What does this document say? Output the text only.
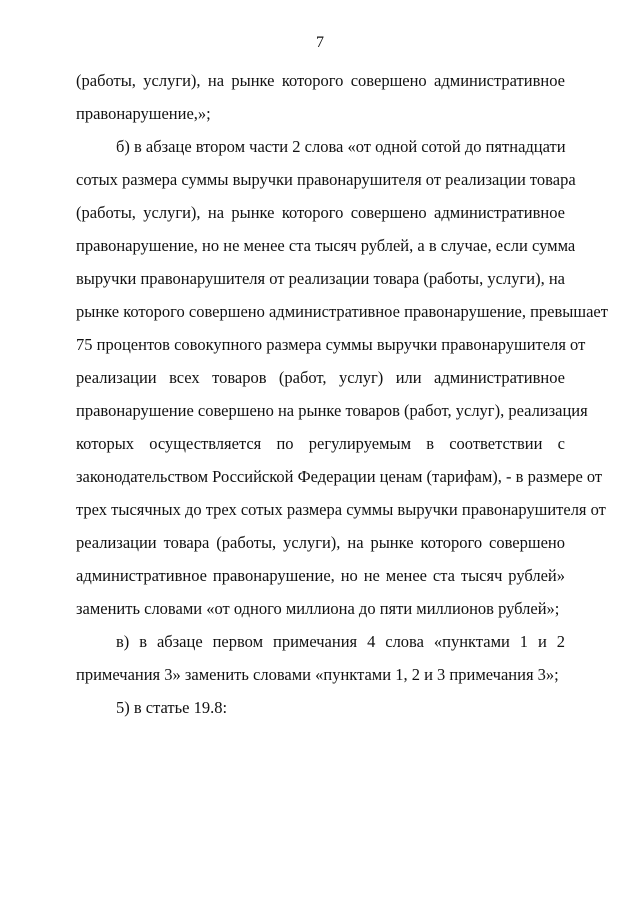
7
(работы, услуги), на рынке которого совершено административное
правонарушение,»;
б) в абзаце втором части 2 слова «от одной сотой до пятнадцати
сотых размера суммы выручки правонарушителя от реализации товара
(работы, услуги), на рынке которого совершено административное
правонарушение, но не менее ста тысяч рублей, а в случае, если сумма
выручки правонарушителя от реализации товара (работы, услуги), на
рынке которого совершено административное правонарушение, превышает
75 процентов совокупного размера суммы выручки правонарушителя от
реализации всех товаров (работ, услуг) или административное
правонарушение совершено на рынке товаров (работ, услуг), реализация
которых осуществляется по регулируемым в соответствии с
законодательством Российской Федерации ценам (тарифам), - в размере от
трех тысячных до трех сотых размера суммы выручки правонарушителя от
реализации товара (работы, услуги), на рынке которого совершено
административное правонарушение, но не менее ста тысяч рублей»
заменить словами «от одного миллиона до пяти миллионов рублей»;
в) в абзаце первом примечания 4 слова «пунктами 1 и 2
примечания 3» заменить словами «пунктами 1, 2 и 3 примечания 3»;
5) в статье 19.8:
